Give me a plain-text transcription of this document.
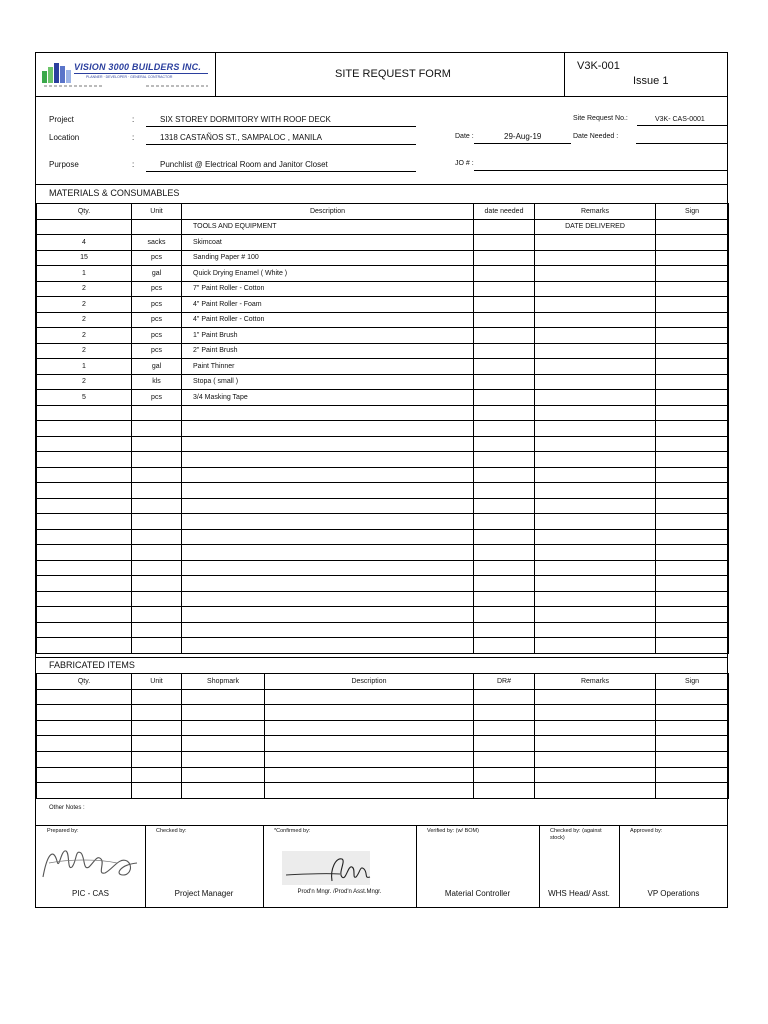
VISION 3000 BUILDERS INC.
PLANNER · DEVELOPER · GENERAL CONTRACTOR	SITE REQUEST FORM
V3K-001
Issue 1
Project	:	SIX STOREY DORMITORY WITH ROOF DECK
Location	:	1318 CASTAÑOS ST., SAMPALOC , MANILA
Purpose	:	Punchlist @ Electrical Room and Janitor Closet
Site Request No.:	V3K- CAS-0001
Date :	29-Aug-19	Date Needed :
JO # :
MATERIALS & CONSUMABLES
Qty.	Unit	Description	date needed	Remarks	Sign
		TOOLS AND EQUIPMENT		DATE DELIVERED	
4	sacks	Skimcoat			
15	pcs	Sanding Paper # 100			
1	gal	Quick Drying Enamel ( White )			
2	pcs	7" Paint Roller - Cotton			
2	pcs	4" Paint Roller - Foam			
2	pcs	4" Paint Roller - Cotton			
2	pcs	1" Paint Brush			
2	pcs	2" Paint Brush			
1	gal	Paint Thinner			
2	kls	Stopa ( small )			
5	pcs	3/4 Masking Tape			

FABRICATED ITEMS
Qty.	Unit	Shopmark	Description	DR#	Remarks	Sign

Other Notes :
Prepared by:
PIC - CAS
Checked by:
Project Manager
*Confirmed by:
Prod'n Mngr. /Prod'n Asst.Mngr.
Verified by: (w/ BOM)
Material Controller
Checked by: (against stock)
WHS Head/ Asst.
Approved by:
VP Operations
